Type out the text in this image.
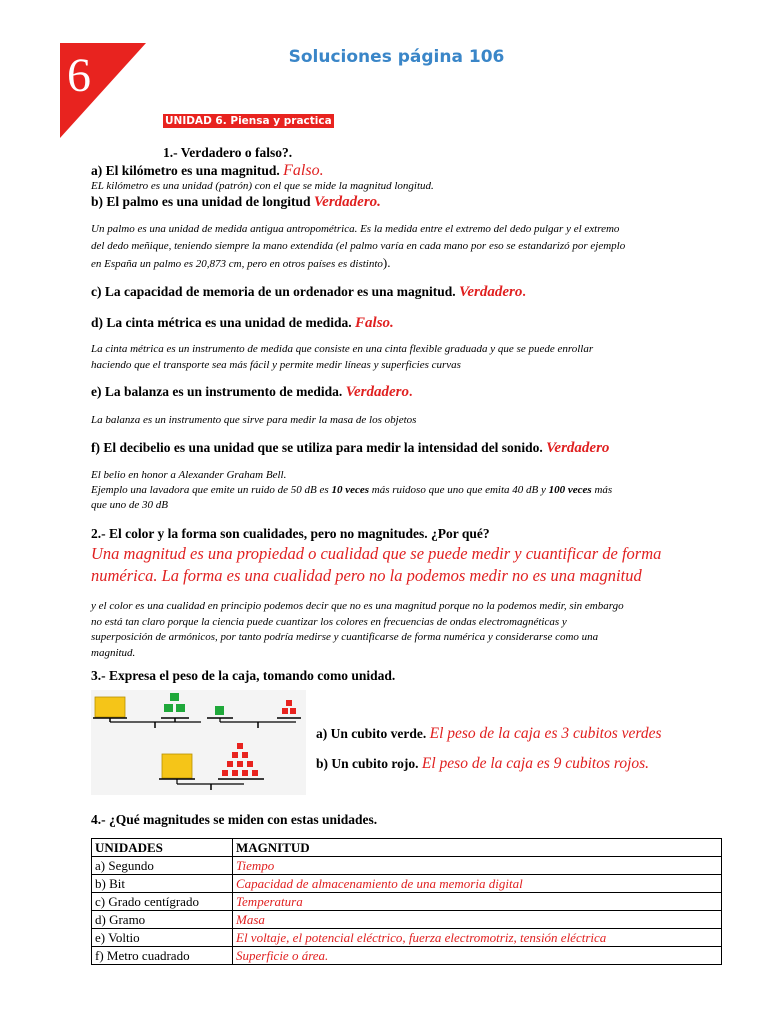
6	Soluciones página 106
UNIDAD 6. Piensa y practica
1.- Verdadero o falso?.
a) El kilómetro es una magnitud. Falso.
EL kilómetro es una unidad (patrón) con el que se mide la magnitud longitud.
b) El palmo es una unidad de longitud Verdadero.
Un palmo es una unidad de medida antigua antropométrica. Es la medida entre el extremo del dedo pulgar y el extremo
del dedo meñique, teniendo siempre la mano extendida (el palmo varía en cada mano por eso se estandarizó por ejemplo
en España un palmo es 20,873 cm, pero en otros países es distinto).
c) La capacidad de memoria de un ordenador es una magnitud. Verdadero.
d) La cinta métrica es una unidad de medida. Falso.
La cinta métrica es un instrumento de medida que consiste en una cinta flexible graduada y que se puede enrollar
haciendo que el transporte sea más fácil y permite medir líneas y superficies curvas
e) La balanza es un instrumento de medida. Verdadero.
La balanza es un instrumento que sirve para medir la masa de los objetos
f) El decibelio es una unidad que se utiliza para medir la intensidad del sonido. Verdadero
El belio en honor a Alexander Graham Bell.
Ejemplo una lavadora que emite un ruido de 50 dB es 10 veces más ruidoso que uno que emita 40 dB y 100 veces más
que uno de 30 dB
2.- El color y la forma son cualidades, pero no magnitudes. ¿Por qué?
Una magnitud es una propiedad o cualidad que se puede medir y cuantificar de forma
numérica. La forma es una cualidad pero no la podemos medir no es una magnitud
y el color es una cualidad en principio podemos decir que no es una magnitud porque no la podemos medir, sin embargo
no está tan claro porque la ciencia puede cuantizar los colores en frecuencias de ondas electromagnéticas y
superposición de armónicos, por tanto podría medirse y cuantificarse de forma numérica y considerarse como una
magnitud.
3.- Expresa el peso de la caja, tomando como unidad.
a) Un cubito verde. El peso de la caja es 3 cubitos verdes
b) Un cubito rojo. El peso de la caja es 9 cubitos rojos.
4.- ¿Qué magnitudes se miden con estas unidades.
UNIDADES	MAGNITUD
a) Segundo	Tiempo
b) Bit	Capacidad de almacenamiento de una memoria digital
c) Grado centígrado	Temperatura
d) Gramo	Masa
e) Voltio	El voltaje, el potencial eléctrico, fuerza electromotriz, tensión eléctrica
f) Metro cuadrado	Superficie o área.
